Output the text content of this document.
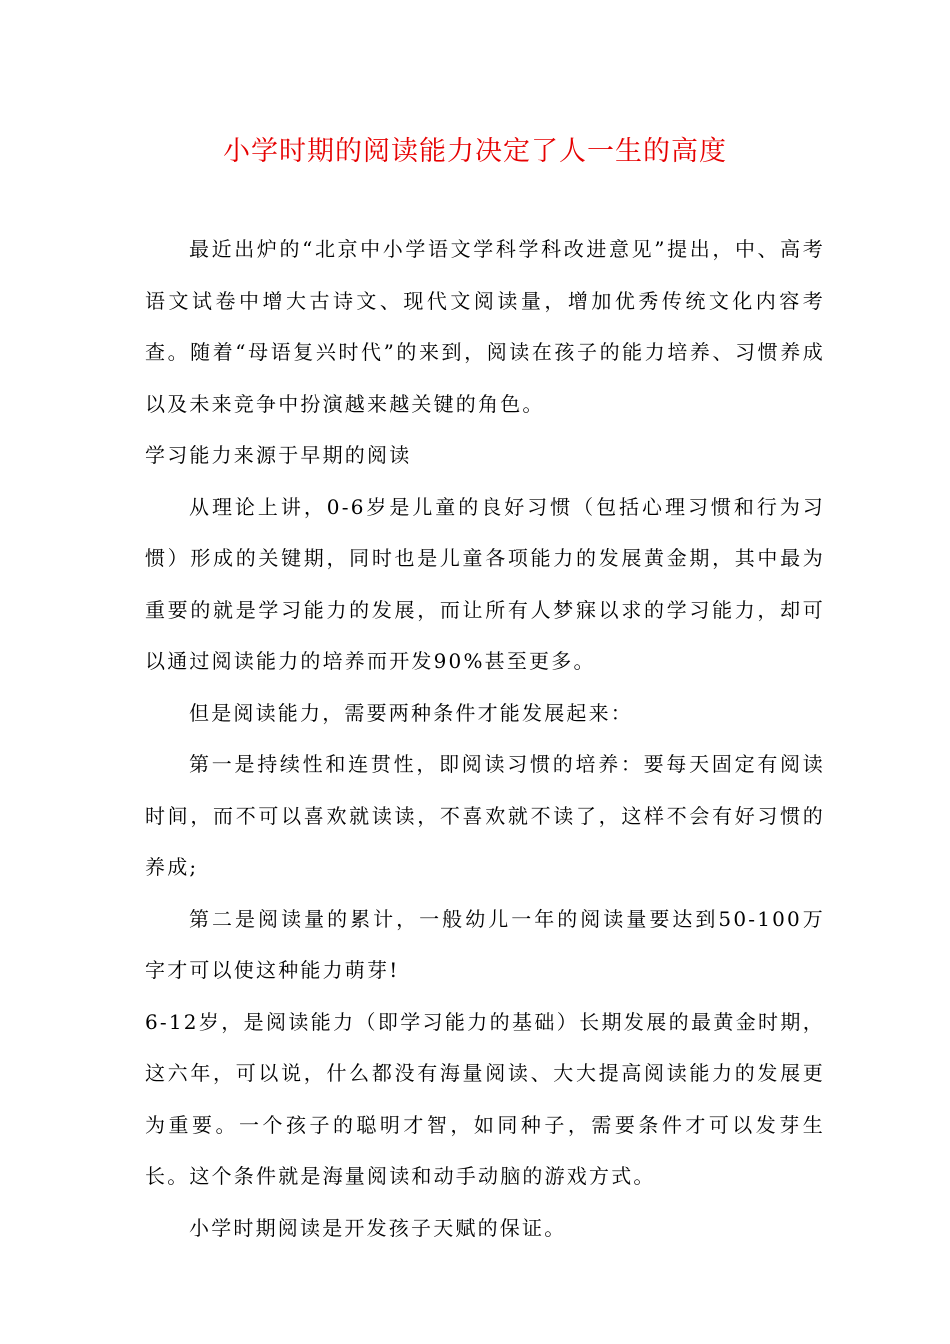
小学时期的阅读能力决定了人一生的高度

最近出炉的“北京中小学语文学科学科改进意见”提出，中、高考语文试卷中增大古诗文、现代文阅读量，增加优秀传统文化内容考查。随着“母语复兴时代”的来到，阅读在孩子的能力培养、习惯养成以及未来竞争中扮演越来越关键的角色。

学习能力来源于早期的阅读

从理论上讲，0-6岁是儿童的良好习惯（包括心理习惯和行为习惯）形成的关键期，同时也是儿童各项能力的发展黄金期，其中最为重要的就是学习能力的发展，而让所有人梦寐以求的学习能力，却可以通过阅读能力的培养而开发90%甚至更多。

但是阅读能力，需要两种条件才能发展起来：

第一是持续性和连贯性，即阅读习惯的培养：要每天固定有阅读时间，而不可以喜欢就读读，不喜欢就不读了，这样不会有好习惯的养成;

第二是阅读量的累计，一般幼儿一年的阅读量要达到50-100万字才可以使这种能力萌芽!

6-12岁，是阅读能力（即学习能力的基础）长期发展的最黄金时期，这六年，可以说，什么都没有海量阅读、大大提高阅读能力的发展更为重要。一个孩子的聪明才智，如同种子，需要条件才可以发芽生长。这个条件就是海量阅读和动手动脑的游戏方式。

小学时期阅读是开发孩子天赋的保证。
